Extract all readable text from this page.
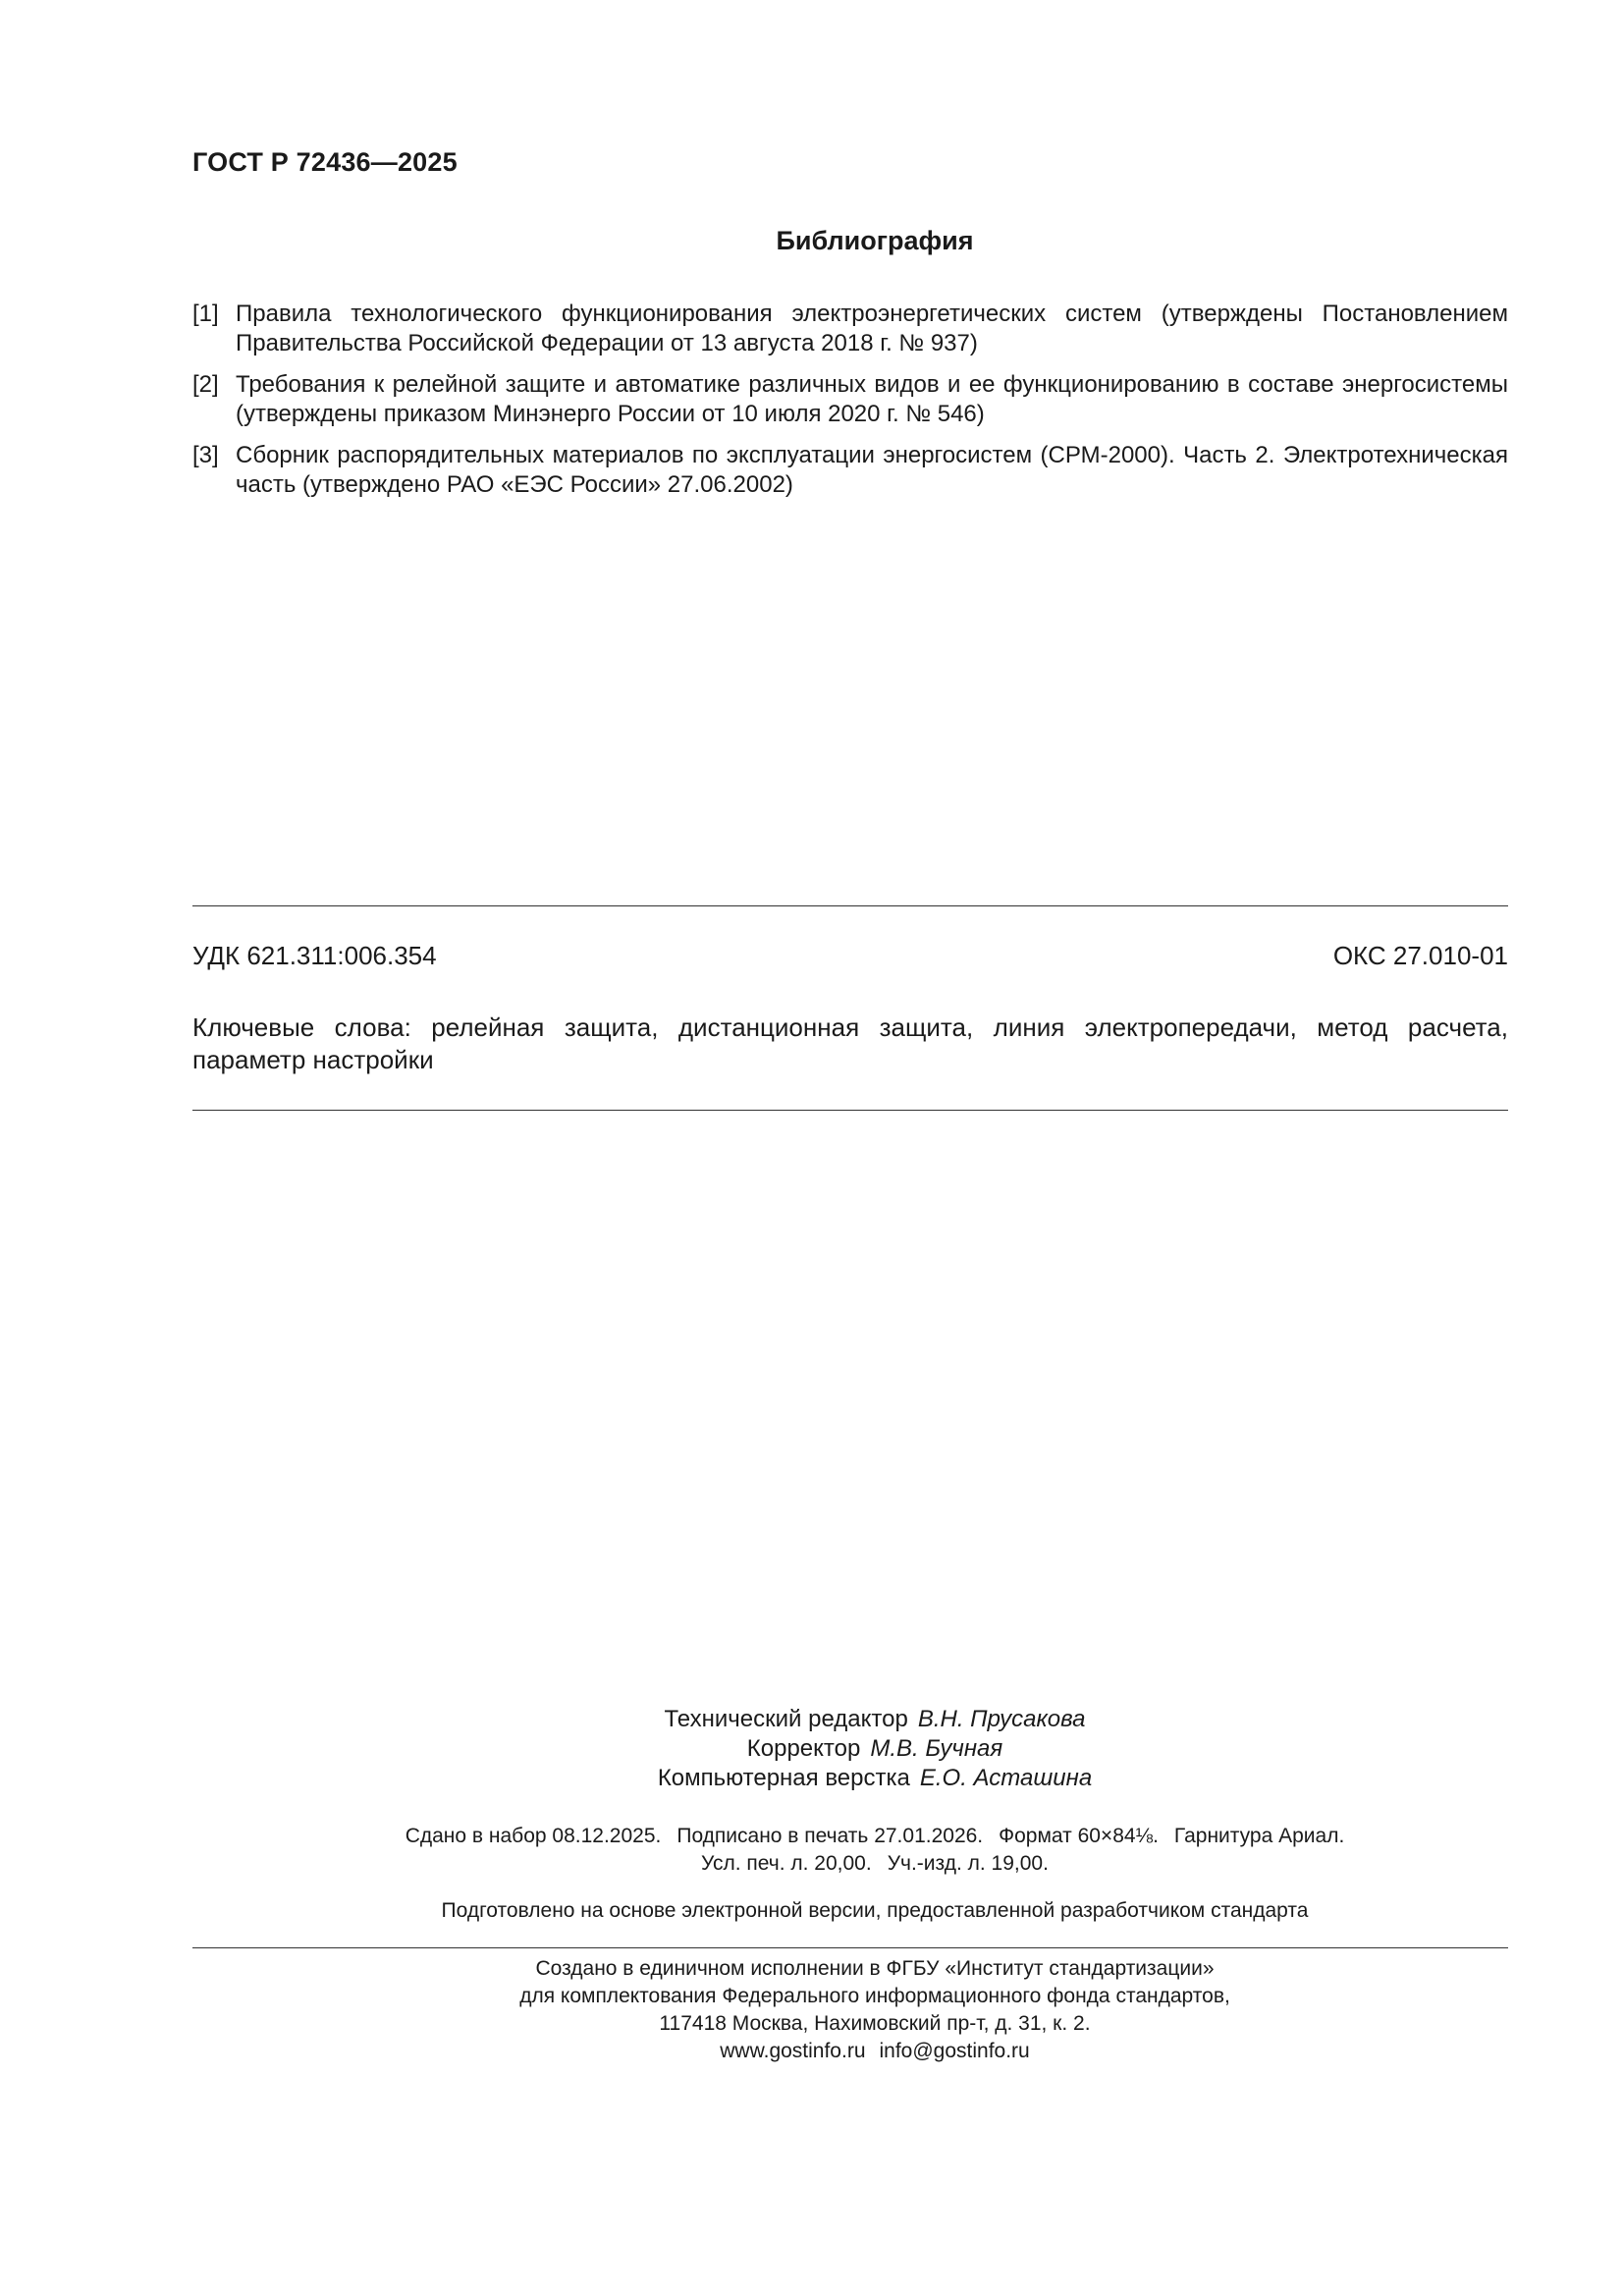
ГОСТ Р 72436—2025
Библиография
[1] Правила технологического функционирования электроэнергетических систем (утверждены Постановлением Правительства Российской Федерации от 13 августа 2018 г. № 937)
[2] Требования к релейной защите и автоматике различных видов и ее функционированию в составе энергосистемы (утверждены приказом Минэнерго России от 10 июля 2020 г. № 546)
[3] Сборник распорядительных материалов по эксплуатации энергосистем (СРМ-2000). Часть 2. Электротехническая часть (утверждено РАО «ЕЭС России» 27.06.2002)
УДК 621.311:006.354	ОКС 27.010-01
Ключевые слова: релейная защита, дистанционная защита, линия электропередачи, метод расчета, параметр настройки
Технический редактор В.Н. Прусакова
Корректор М.В. Бучная
Компьютерная верстка Е.О. Асташина
Сдано в набор 08.12.2025. Подписано в печать 27.01.2026. Формат 60×84⅛. Гарнитура Ариал.
Усл. печ. л. 20,00. Уч.-изд. л. 19,00.
Подготовлено на основе электронной версии, предоставленной разработчиком стандарта
Создано в единичном исполнении в ФГБУ «Институт стандартизации»
для комплектования Федерального информационного фонда стандартов,
117418 Москва, Нахимовский пр-т, д. 31, к. 2.
www.gostinfo.ru info@gostinfo.ru
